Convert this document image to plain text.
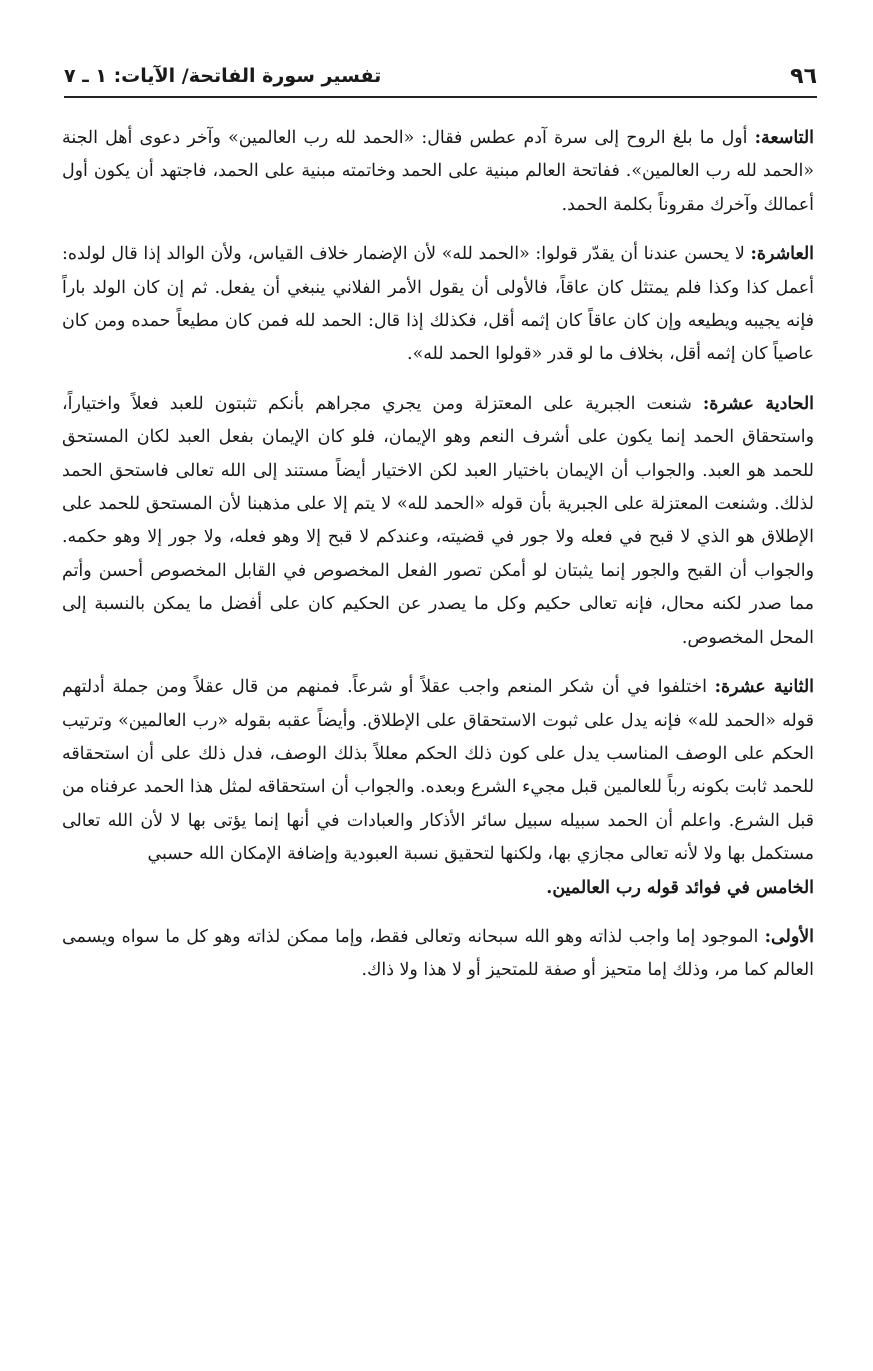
٩٦
تفسير سورة الفاتحة/ الآيات: ١ ـ ٧

التاسعة: أول ما بلغ الروح إلى سرة آدم عطس فقال: «الحمد لله رب العالمين» وآخر دعوى أهل الجنة «الحمد لله رب العالمين». ففاتحة العالم مبنية على الحمد وخاتمته مبنية على الحمد، فاجتهد أن يكون أول أعمالك وآخرك مقروناً بكلمة الحمد.

العاشرة: لا يحسن عندنا أن يقدّر قولوا: «الحمد لله» لأن الإضمار خلاف القياس، ولأن الوالد إذا قال لولده: أعمل كذا وكذا فلم يمتثل كان عاقاً، فالأولى أن يقول الأمر الفلاني ينبغي أن يفعل. ثم إن كان الولد باراً فإنه يجيبه ويطيعه وإن كان عاقاً كان إثمه أقل، فكذلك إذا قال: الحمد لله فمن كان مطيعاً حمده ومن كان عاصياً كان إثمه أقل، بخلاف ما لو قدر «قولوا الحمد لله».

الحادية عشرة: شنعت الجبرية على المعتزلة ومن يجري مجراهم بأنكم تثبتون للعبد فعلاً واختياراً، واستحقاق الحمد إنما يكون على أشرف النعم وهو الإيمان، فلو كان الإيمان بفعل العبد لكان المستحق للحمد هو العبد. والجواب أن الإيمان باختيار العبد لكن الاختيار أيضاً مستند إلى الله تعالى فاستحق الحمد لذلك. وشنعت المعتزلة على الجبرية بأن قوله «الحمد لله» لا يتم إلا على مذهبنا لأن المستحق للحمد على الإطلاق هو الذي لا قبح في فعله ولا جور في قضيته، وعندكم لا قبح إلا وهو فعله، ولا جور إلا وهو حكمه. والجواب أن القبح والجور إنما يثبتان لو أمكن تصور الفعل المخصوص في القابل المخصوص أحسن وأتم مما صدر لكنه محال، فإنه تعالى حكيم وكل ما يصدر عن الحكيم كان على أفضل ما يمكن بالنسبة إلى المحل المخصوص.

الثانية عشرة: اختلفوا في أن شكر المنعم واجب عقلاً أو شرعاً. فمنهم من قال عقلاً ومن جملة أدلتهم قوله «الحمد لله» فإنه يدل على ثبوت الاستحقاق على الإطلاق. وأيضاً عقبه بقوله «رب العالمين» وترتيب الحكم على الوصف المناسب يدل على كون ذلك الحكم معللاً بذلك الوصف، فدل ذلك على أن استحقاقه للحمد ثابت بكونه رباً للعالمين قبل مجيء الشرع وبعده. والجواب أن استحقاقه لمثل هذا الحمد عرفناه من قبل الشرع. واعلم أن الحمد سبيله سبيل سائر الأذكار والعبادات في أنها إنما يؤتى بها لا لأن الله تعالى مستكمل بها ولا لأنه تعالى مجازي بها، ولكنها لتحقيق نسبة العبودية وإضافة الإمكان الله حسبي

الخامس في فوائد قوله رب العالمين.

الأولى: الموجود إما واجب لذاته وهو الله سبحانه وتعالى فقط، وإما ممكن لذاته وهو كل ما سواه ويسمى العالم كما مر، وذلك إما متحيز أو صفة للمتحيز أو لا هذا ولا ذاك.
